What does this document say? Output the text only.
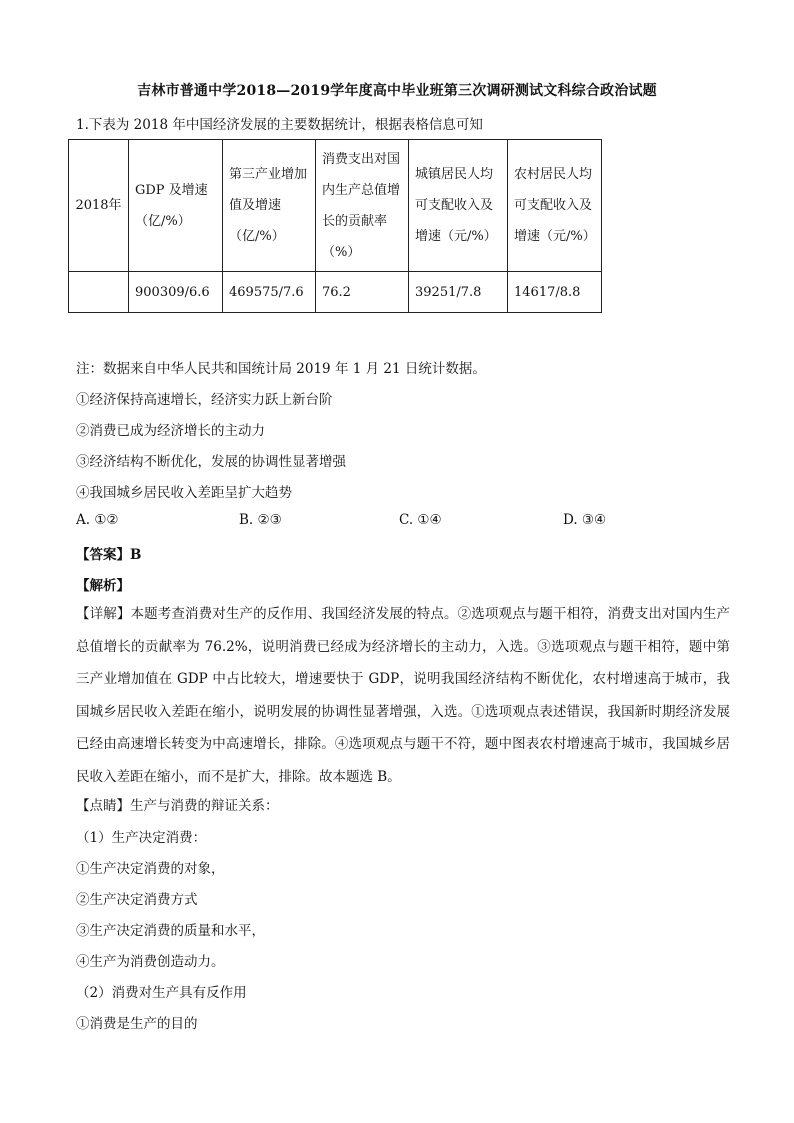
吉林市普通中学2018—2019学年度高中毕业班第三次调研测试文科综合政治试题
1.下表为 2018 年中国经济发展的主要数据统计，根据表格信息可知
2018年	GDP 及增速（亿/%）	第三产业增加值及增速（亿/%）	消费支出对国内生产总值增长的贡献率（%）	城镇居民人均可支配收入及增速（元/%）	农村居民人均可支配收入及增速（元/%）
	900309/6.6	469575/7.6	76.2	39251/7.8	14617/8.8
注：数据来自中华人民共和国统计局 2019 年 1 月 21 日统计数据。
①经济保持高速增长，经济实力跃上新台阶
②消费已成为经济增长的主动力
③经济结构不断优化，发展的协调性显著增强
④我国城乡居民收入差距呈扩大趋势
A. ①②	B. ②③	C. ①④	D. ③④
【答案】B
【解析】
【详解】本题考查消费对生产的反作用、我国经济发展的特点。②选项观点与题干相符，消费支出对国内生产总值增长的贡献率为 76.2%，说明消费已经成为经济增长的主动力，入选。③选项观点与题干相符，题中第三产业增加值在 GDP 中占比较大，增速要快于 GDP，说明我国经济结构不断优化，农村增速高于城市，我国城乡居民收入差距在缩小，说明发展的协调性显著增强，入选。①选项观点表述错误，我国新时期经济发展已经由高速增长转变为中高速增长，排除。④选项观点与题干不符，题中图表农村增速高于城市，我国城乡居民收入差距在缩小，而不是扩大，排除。故本题选 B。
【点睛】生产与消费的辩证关系：
（1）生产决定消费：
①生产决定消费的对象，
②生产决定消费方式
③生产决定消费的质量和水平，
④生产为消费创造动力。
（2）消费对生产具有反作用
①消费是生产的目的
